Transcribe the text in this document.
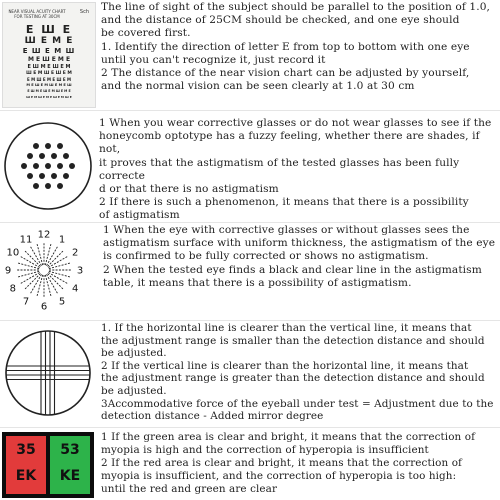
NEAR VISUAL ACUITY CHART
FOR TESTING AT 30CM
Sch
E Ш E
Ш E M E
E Ш E M Ш
M E Ш E M E
E Ш M E Ш E M
Ш E M Ш E Ш E M
E M Ш E M E Ш E M
M E Ш E M Ш E M E Ш
E Ш M E Ш E M Ш E M E
Ш E M Ш E M E Ш E M Ш E
The line of sight of the subject should be parallel to the position of 1.0,
and the distance of 25CM should be checked, and one eye should
be covered first.
1. Identify the direction of letter E from top to bottom with one eye
until you can't recognize it, just record it
2 The distance of the near vision chart can be adjusted by yourself,
and the normal vision can be seen clearly at 1.0 at 30 cm
1 When you wear corrective glasses or do not wear glasses to see if the
honeycomb optotype has a fuzzy feeling, whether there are shades, if not,
it proves that the astigmatism of the tested glasses has been fully correcte
d or that there is no astigmatism
2 If there is such a phenomenon, it means that there is a possibility
of astigmatism
12 1
2
3
4
5
6
7
8
9
10
11
1 When the eye with corrective glasses or without glasses sees the
astigmatism surface with uniform thickness, the astigmatism of the eye
is confirmed to be fully corrected or shows no astigmatism.
2 When the tested eye finds a black and clear line in the astigmatism
table, it means that there is a possibility of astigmatism.
1. If the horizontal line is clearer than the vertical line, it means that
the adjustment range is smaller than the detection distance and should
be adjusted.
2 If the vertical line is clearer than the horizontal line, it means that
the adjustment range is greater than the detection distance and should
be adjusted.
3Accommodative force of the eyeball under test = Adjustment due to the
detection distance - Added mirror degree
35
EK
53
KE
1 If the green area is clear and bright, it means that the correction of
myopia is high and the correction of hyperopia is insufficient
2 If the red area is clear and bright, it means that the correction of
myopia is insufficient, and the correction of hyperopia is too high:
until the red and green are clear
